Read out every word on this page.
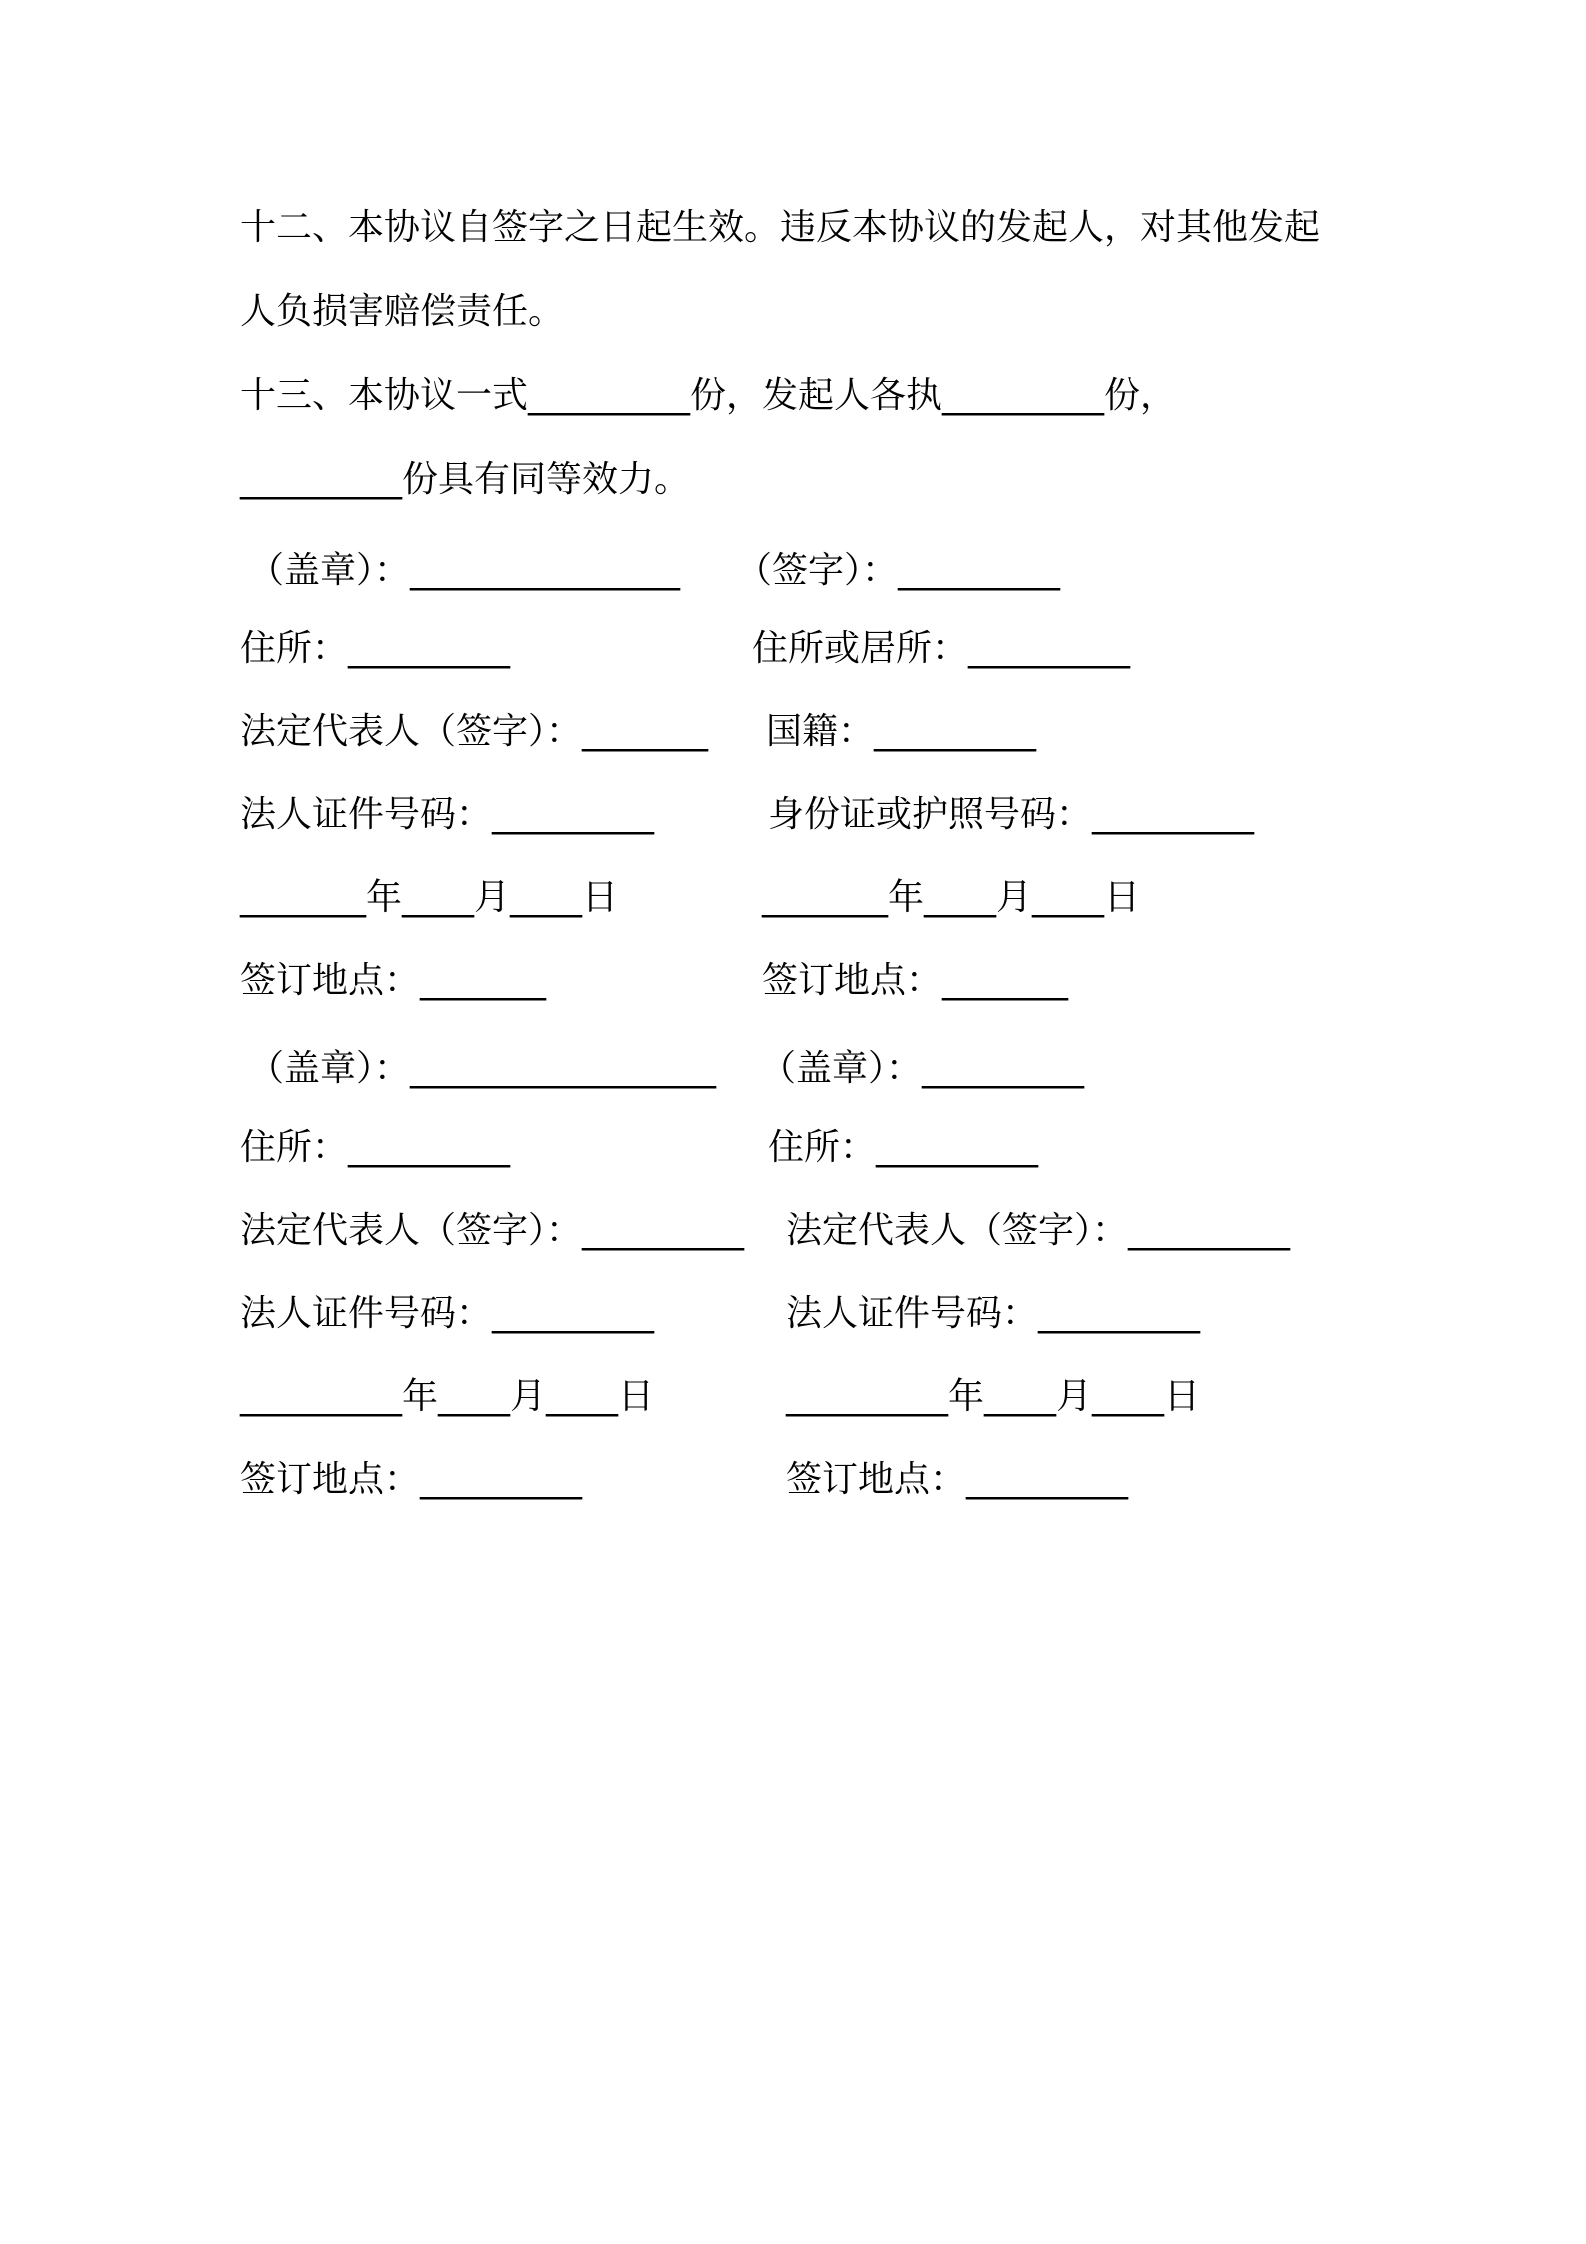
十二、本协议自签字之日起生效。违反本协议的发起人，对其他发起
人负损害赔偿责任。
十三、本协议一式_________份，发起人各执_________份，
_________份具有同等效力。
（盖章）：_______________ （签字）：_________
住所：_________	住所或居所：_________
法定代表人（签字）：_______ 国籍：_________
法人证件号码：_________	身份证或护照号码：_________
_______年____月____日	_______年____月____日
签订地点：_______	签订地点：_______
（盖章）：_________________ （盖章）：_________
住所：_________	住所：_________
法定代表人（签字）：_________ 法定代表人（签字）：_________
法人证件号码：_________	法人证件号码：_________
_________年____月____日	_________年____月____日
签订地点：_________	签订地点：_________
